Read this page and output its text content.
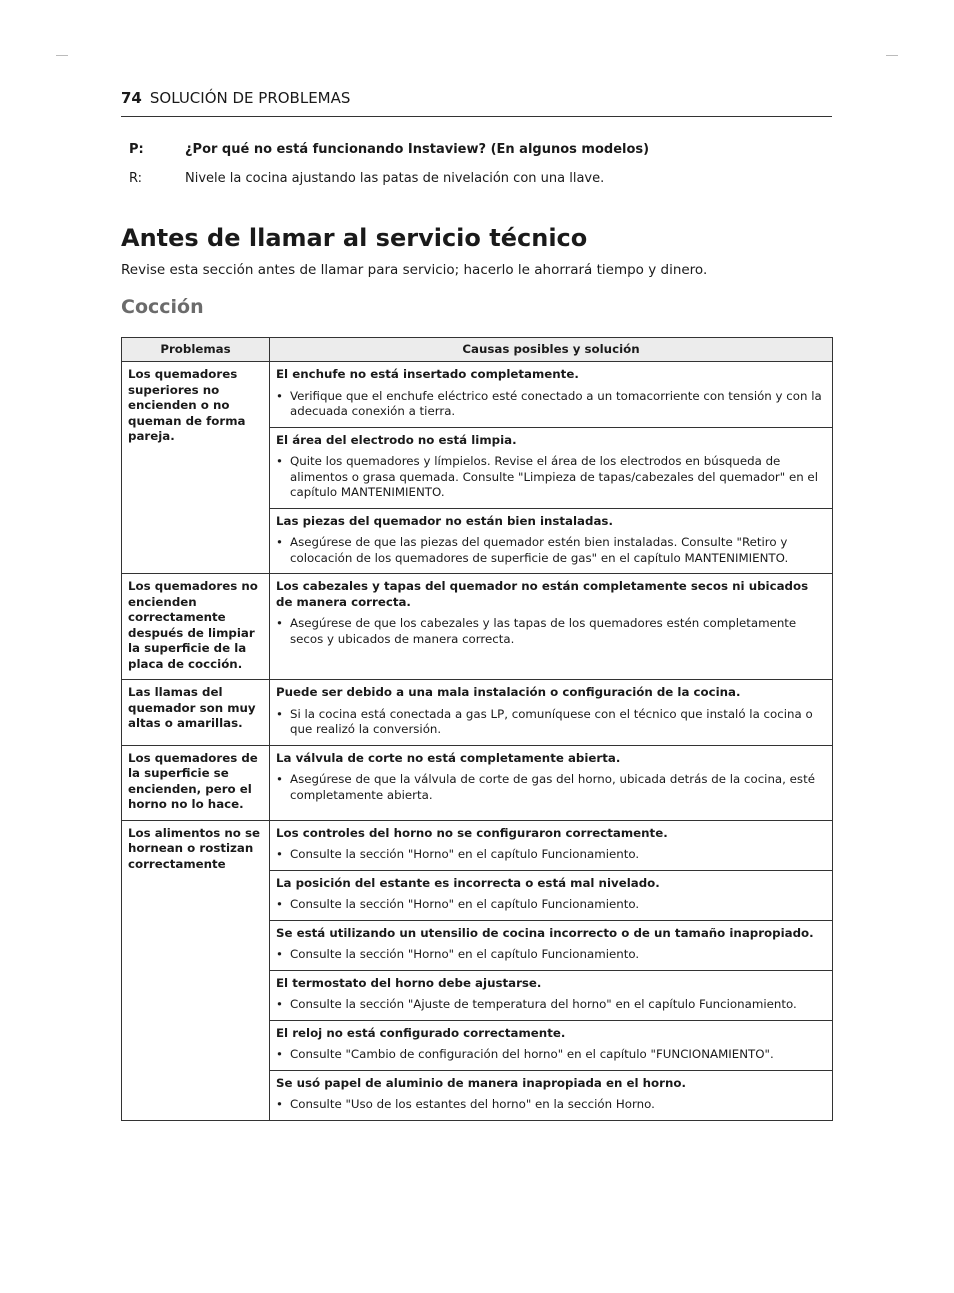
74 SOLUCIÓN DE PROBLEMAS
P:	¿Por qué no está funcionando Instaview? (En algunos modelos)
R:	Nivele la cocina ajustando las patas de nivelación con una llave.
Antes de llamar al servicio técnico

Revise esta sección antes de llamar para servicio; hacerlo le ahorrará tiempo y dinero.

Cocción
Problemas	Causas posibles y solución
Los quemadores superiores no encienden o no queman de forma pareja.	El enchufe no está insertado completamente.
• Verifique que el enchufe eléctrico esté conectado a un tomacorriente con tensión y con la adecuada conexión a tierra.

	El área del electrodo no está limpia.
• Quite los quemadores y límpielos. Revise el área de los electrodos en búsqueda de alimentos o grasa quemada. Consulte "Limpieza de tapas/cabezales del quemador" en el capítulo MANTENIMIENTO.

	Las piezas del quemador no están bien instaladas.
• Asegúrese de que las piezas del quemador estén bien instaladas. Consulte "Retiro y colocación de los quemadores de superficie de gas" en el capítulo MANTENIMIENTO.

Los quemadores no encienden correctamente después de limpiar la superficie de la placa de cocción.	Los cabezales y tapas del quemador no están completamente secos ni ubicados de manera correcta.
• Asegúrese de que los cabezales y las tapas de los quemadores estén completamente secos y ubicados de manera correcta.

Las llamas del quemador son muy altas o amarillas.	Puede ser debido a una mala instalación o configuración de la cocina.
• Si la cocina está conectada a gas LP, comuníquese con el técnico que instaló la cocina o que realizó la conversión.

Los quemadores de la superficie se encienden, pero el horno no lo hace.	La válvula de corte no está completamente abierta.
• Asegúrese de que la válvula de corte de gas del horno, ubicada detrás de la cocina, esté completamente abierta.

Los alimentos no se hornean o rostizan correctamente	Los controles del horno no se configuraron correctamente.
• Consulte la sección "Horno" en el capítulo Funcionamiento.

	La posición del estante es incorrecta o está mal nivelado.
• Consulte la sección "Horno" en el capítulo Funcionamiento.

	Se está utilizando un utensilio de cocina incorrecto o de un tamaño inapropiado.
• Consulte la sección "Horno" en el capítulo Funcionamiento.

	El termostato del horno debe ajustarse.
• Consulte la sección "Ajuste de temperatura del horno" en el capítulo Funcionamiento.

	El reloj no está configurado correctamente.
• Consulte "Cambio de configuración del horno" en el capítulo "FUNCIONAMIENTO".

	Se usó papel de aluminio de manera inapropiada en el horno.
• Consulte "Uso de los estantes del horno" en la sección Horno.
